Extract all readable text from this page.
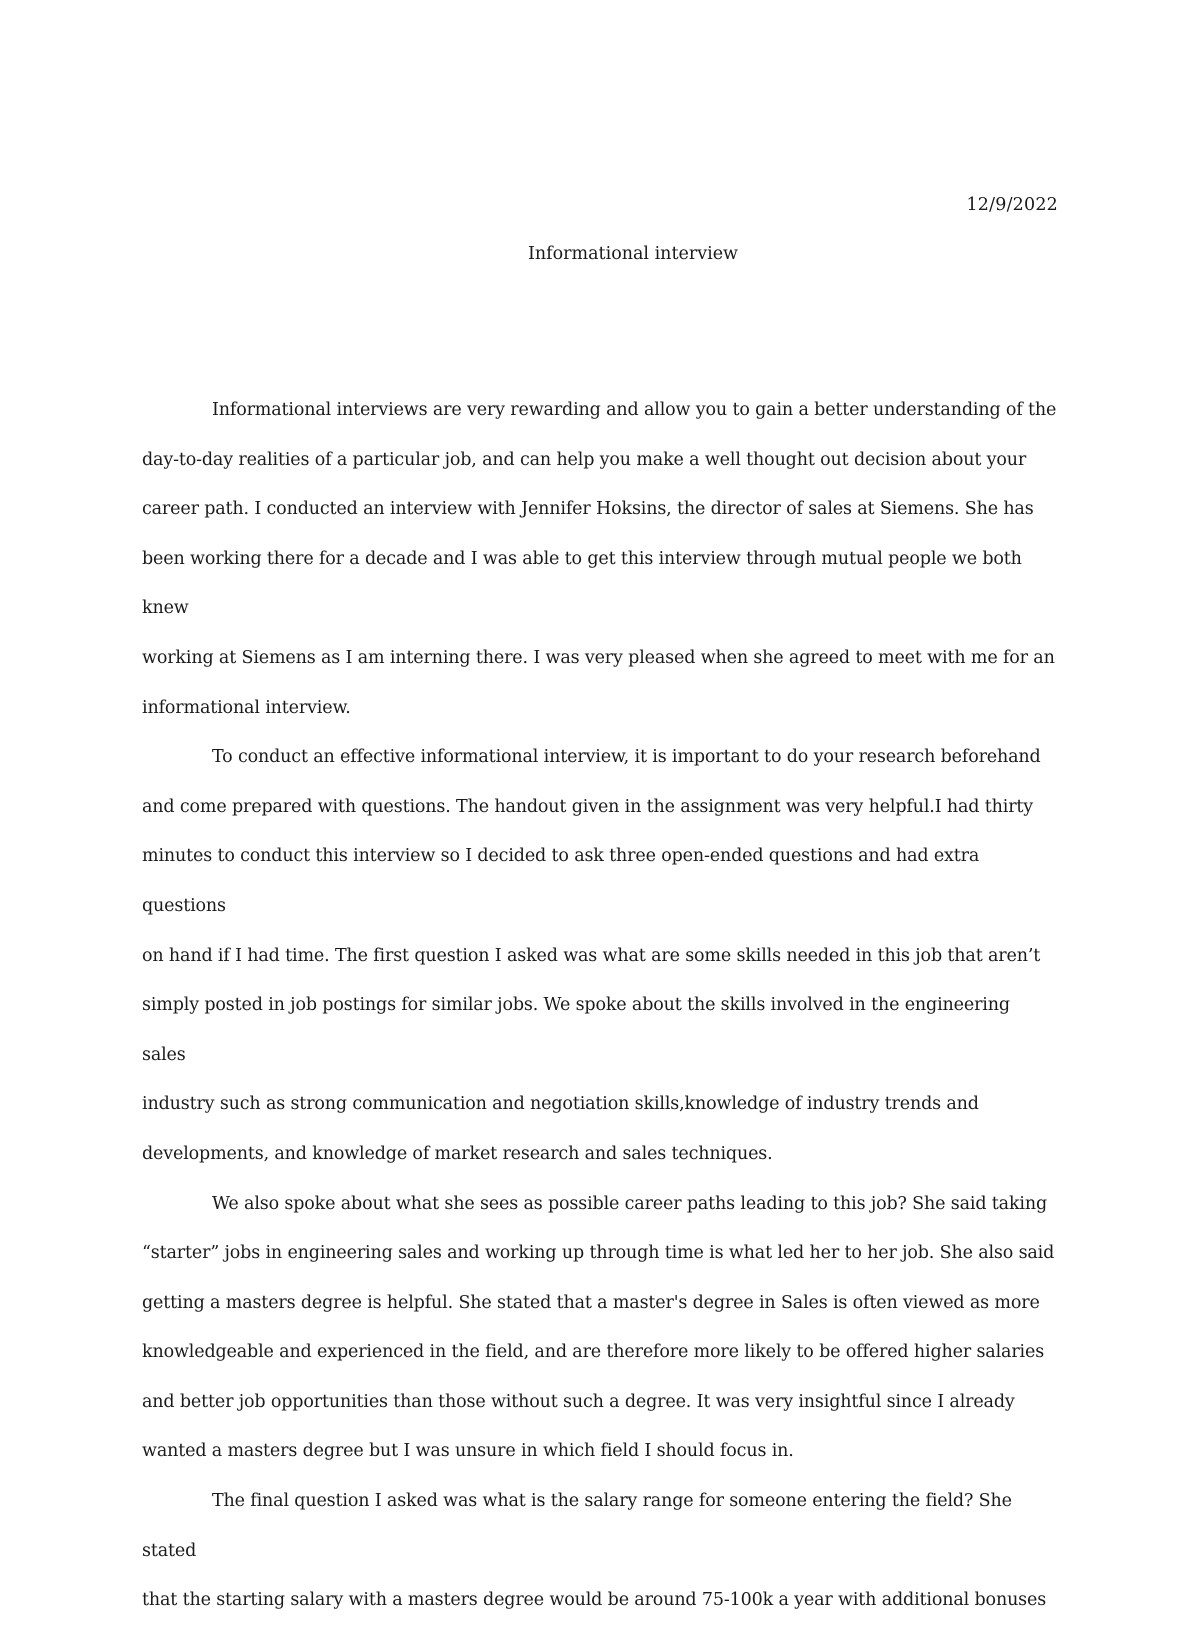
12/9/2022
Informational interview

Informational interviews are very rewarding and allow you to gain a better understanding of the
day-to-day realities of a particular job, and can help you make a well thought out decision about your
career path. I conducted an interview with Jennifer Hoksins, the director of sales at Siemens. She has
been working there for a decade and I was able to get this interview through mutual people we both knew
working at Siemens as I am interning there. I was very pleased when she agreed to meet with me for an
informational interview.

To conduct an effective informational interview, it is important to do your research beforehand
and come prepared with questions. The handout given in the assignment was very helpful.I had thirty
minutes to conduct this interview so I decided to ask three open-ended questions and had extra questions
on hand if I had time. The first question I asked was what are some skills needed in this job that aren’t
simply posted in job postings for similar jobs. We spoke about the skills involved in the engineering sales
industry such as strong communication and negotiation skills,knowledge of industry trends and
developments, and knowledge of market research and sales techniques.

We also spoke about what she sees as possible career paths leading to this job? She said taking
“starter” jobs in engineering sales and working up through time is what led her to her job. She also said
getting a masters degree is helpful. She stated that a master's degree in Sales is often viewed as more
knowledgeable and experienced in the field, and are therefore more likely to be offered higher salaries
and better job opportunities than those without such a degree. It was very insightful since I already
wanted a masters degree but I was unsure in which field I should focus in.

The final question I asked was what is the salary range for someone entering the field? She stated
that the starting salary with a masters degree would be around 75-100k a year with additional bonuses
